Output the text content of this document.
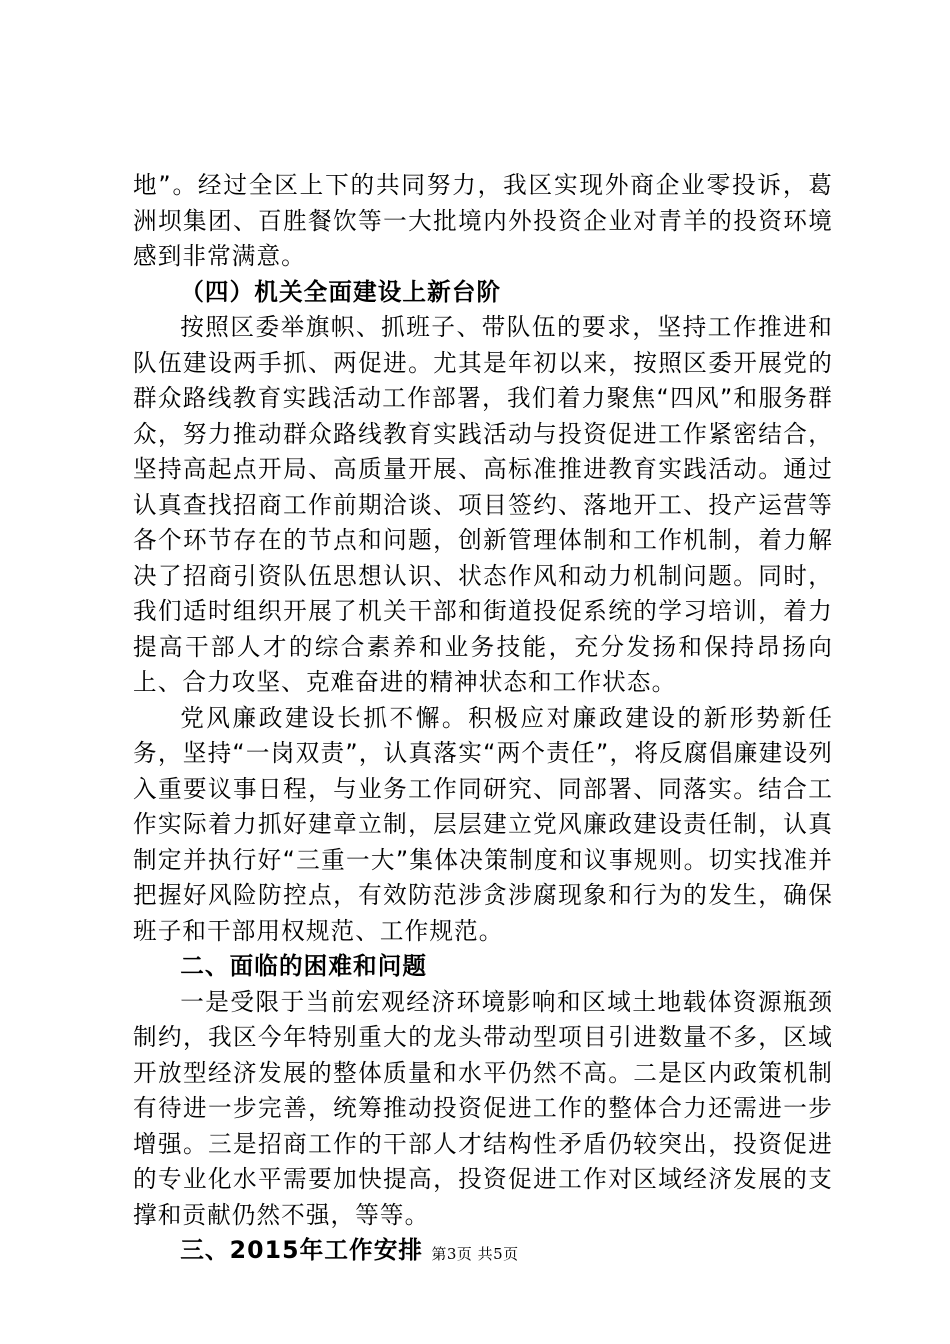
地”。经过全区上下的共同努力，我区实现外商企业零投诉，葛洲坝集团、百胜餐饮等一大批境内外投资企业对青羊的投资环境感到非常满意。

（四）机关全面建设上新台阶

按照区委举旗帜、抓班子、带队伍的要求，坚持工作推进和队伍建设两手抓、两促进。尤其是年初以来，按照区委开展党的群众路线教育实践活动工作部署，我们着力聚焦“四风”和服务群众，努力推动群众路线教育实践活动与投资促进工作紧密结合，坚持高起点开局、高质量开展、高标准推进教育实践活动。通过认真查找招商工作前期洽谈、项目签约、落地开工、投产运营等各个环节存在的节点和问题，创新管理体制和工作机制，着力解决了招商引资队伍思想认识、状态作风和动力机制问题。同时，我们适时组织开展了机关干部和街道投促系统的学习培训，着力提高干部人才的综合素养和业务技能，充分发扬和保持昂扬向上、合力攻坚、克难奋进的精神状态和工作状态。

党风廉政建设长抓不懈。积极应对廉政建设的新形势新任务，坚持“一岗双责”，认真落实“两个责任”，将反腐倡廉建设列入重要议事日程，与业务工作同研究、同部署、同落实。结合工作实际着力抓好建章立制，层层建立党风廉政建设责任制，认真制定并执行好“三重一大”集体决策制度和议事规则。切实找准并把握好风险防控点，有效防范涉贪涉腐现象和行为的发生，确保班子和干部用权规范、工作规范。

二、面临的困难和问题

一是受限于当前宏观经济环境影响和区域土地载体资源瓶颈制约，我区今年特别重大的龙头带动型项目引进数量不多，区域开放型经济发展的整体质量和水平仍然不高。二是区内政策机制有待进一步完善，统筹推动投资促进工作的整体合力还需进一步增强。三是招商工作的干部人才结构性矛盾仍较突出，投资促进的专业化水平需要加快提高，投资促进工作对区域经济发展的支撑和贡献仍然不强，等等。

三、2015年工作安排 第3页 共5页
